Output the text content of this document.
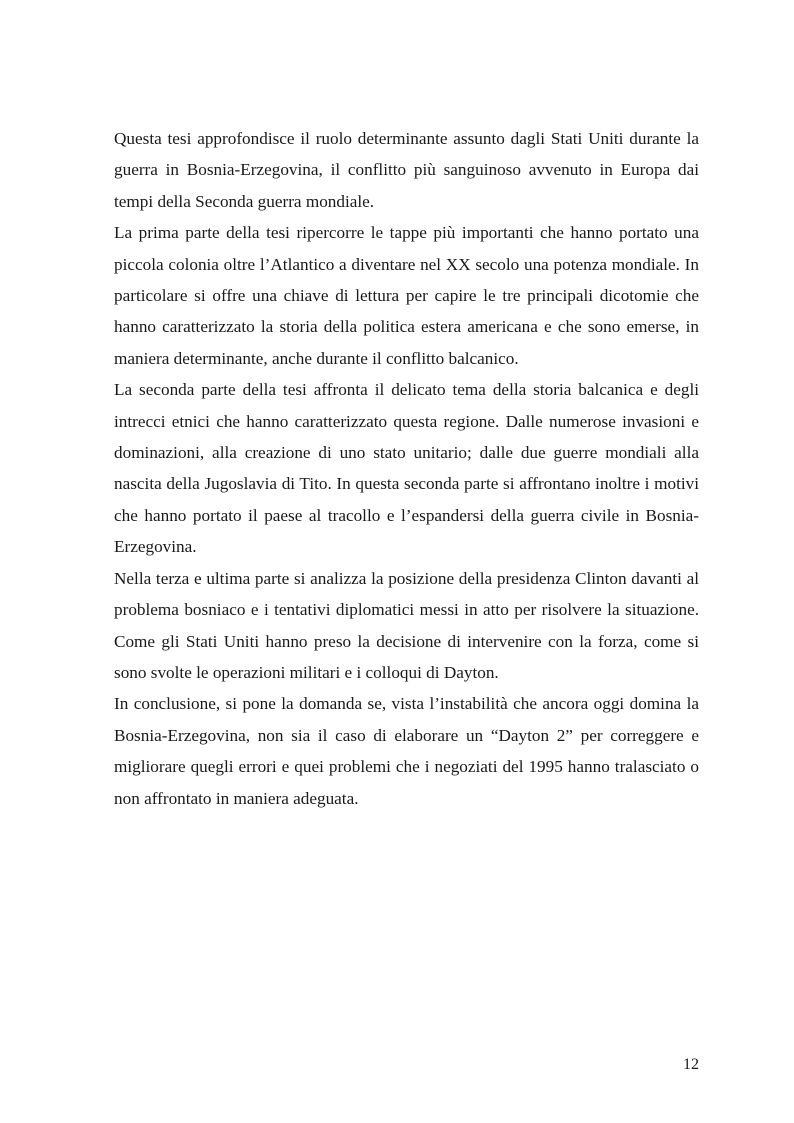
Questa tesi approfondisce il ruolo determinante assunto dagli Stati Uniti durante la guerra in Bosnia-Erzegovina, il conflitto più sanguinoso avvenuto in Europa dai tempi della Seconda guerra mondiale.

La prima parte della tesi ripercorre le tappe più importanti che hanno portato una piccola colonia oltre l’Atlantico a diventare nel XX secolo una potenza mondiale. In particolare si offre una chiave di lettura per capire le tre principali dicotomie che hanno caratterizzato la storia della politica estera americana e che sono emerse, in maniera determinante, anche durante il conflitto balcanico.

La seconda parte della tesi affronta il delicato tema della storia balcanica e degli intrecci etnici che hanno caratterizzato questa regione. Dalle numerose invasioni e dominazioni, alla creazione di uno stato unitario; dalle due guerre mondiali alla nascita della Jugoslavia di Tito. In questa seconda parte si affrontano inoltre i motivi che hanno portato il paese al tracollo e l’espandersi della guerra civile in Bosnia-Erzegovina.

Nella terza e ultima parte si analizza la posizione della presidenza Clinton davanti al problema bosniaco e i tentativi diplomatici messi in atto per risolvere la situazione. Come gli Stati Uniti hanno preso la decisione di intervenire con la forza, come si sono svolte le operazioni militari e i colloqui di Dayton.

In conclusione, si pone la domanda se, vista l’instabilità che ancora oggi domina la Bosnia-Erzegovina, non sia il caso di elaborare un “Dayton 2” per correggere e migliorare quegli errori e quei problemi che i negoziati del 1995 hanno tralasciato o non affrontato in maniera adeguata.

12
